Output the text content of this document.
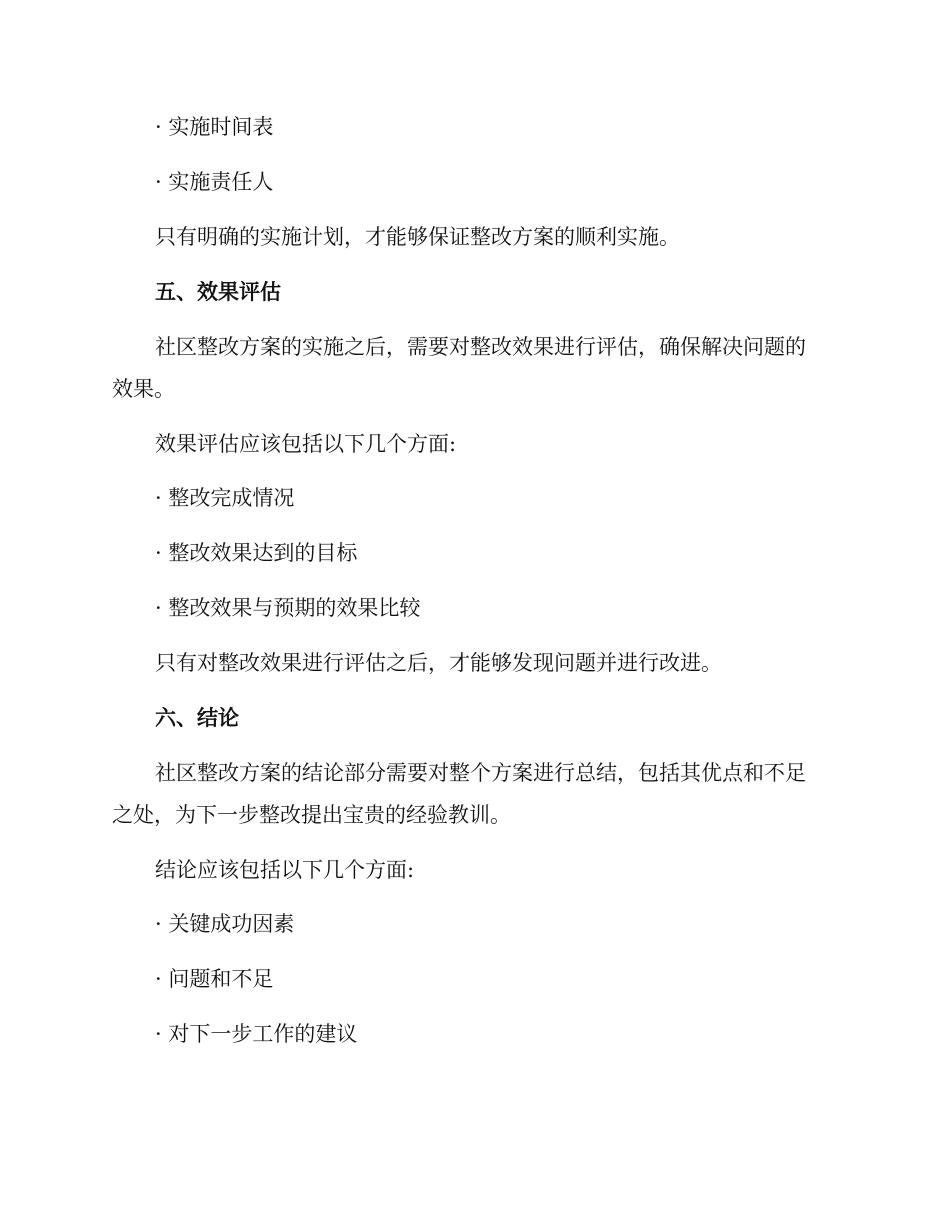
· 实施时间表
· 实施责任人
只有明确的实施计划，才能够保证整改方案的顺利实施。
五、效果评估
社区整改方案的实施之后，需要对整改效果进行评估，确保解决问题的
效果。
效果评估应该包括以下几个方面:
· 整改完成情况
· 整改效果达到的目标
· 整改效果与预期的效果比较
只有对整改效果进行评估之后，才能够发现问题并进行改进。
六、结论
社区整改方案的结论部分需要对整个方案进行总结，包括其优点和不足
之处，为下一步整改提出宝贵的经验教训。
结论应该包括以下几个方面:
· 关键成功因素
· 问题和不足
· 对下一步工作的建议
